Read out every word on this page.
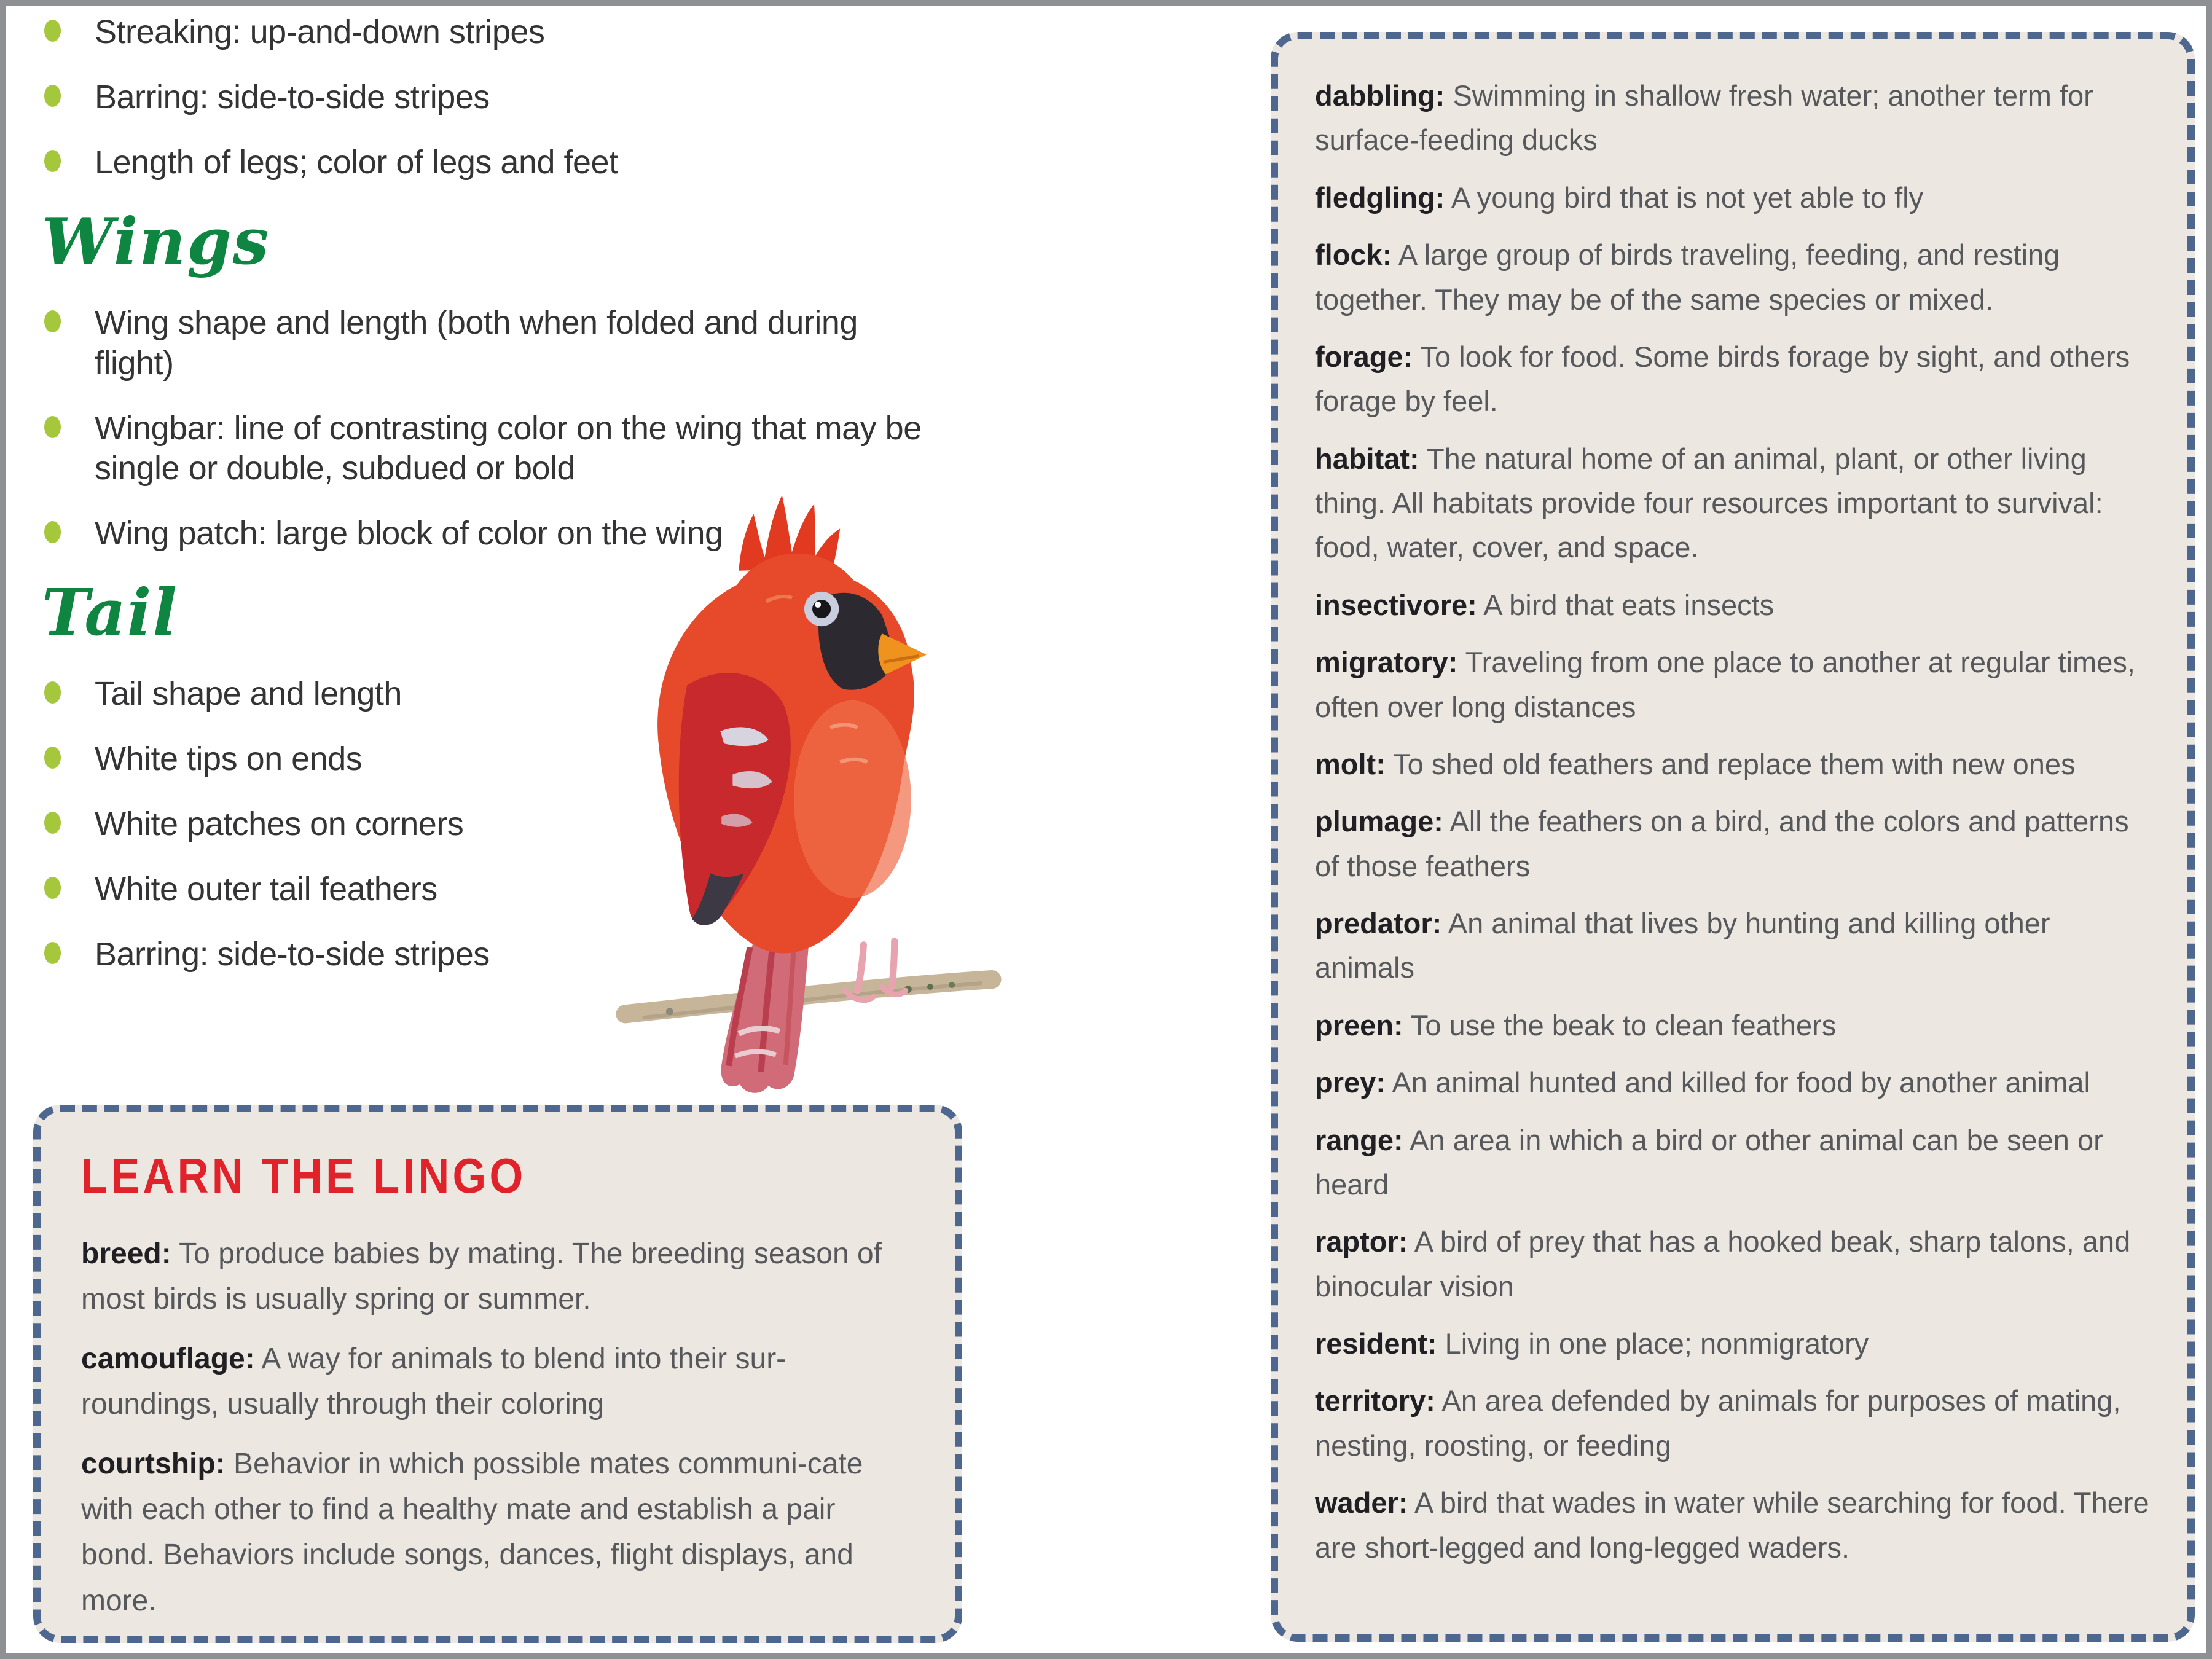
Streaking: up-and-down stripes
Barring: side-to-side stripes
Length of legs; color of legs and feet
Wings
Wing shape and length (both when folded and during flight)
Wingbar: line of contrasting color on the wing that may be single or double, subdued or bold
Wing patch: large block of color on the wing
Tail
Tail shape and length
White tips on ends
White patches on corners
White outer tail feathers
Barring: side-to-side stripes
LEARN THE LINGO

breed: To produce babies by mating. The breeding season of most birds is usually spring or summer.

camouflage: A way for animals to blend into their sur-roundings, usually through their coloring

courtship: Behavior in which possible mates communi-cate with each other to find a healthy mate and establish a pair bond. Behaviors include songs, dances, flight displays, and more.

dabbling: Swimming in shallow fresh water; another term for surface-feeding ducks

fledgling: A young bird that is not yet able to fly

flock: A large group of birds traveling, feeding, and resting together. They may be of the same species or mixed.

forage: To look for food. Some birds forage by sight, and others forage by feel.

habitat: The natural home of an animal, plant, or other living thing. All habitats provide four resources important to survival: food, water, cover, and space.

insectivore: A bird that eats insects

migratory: Traveling from one place to another at regular times, often over long distances

molt: To shed old feathers and replace them with new ones

plumage: All the feathers on a bird, and the colors and patterns of those feathers

predator: An animal that lives by hunting and killing other animals

preen: To use the beak to clean feathers

prey: An animal hunted and killed for food by another animal

range: An area in which a bird or other animal can be seen or heard

raptor: A bird of prey that has a hooked beak, sharp talons, and binocular vision

resident: Living in one place; nonmigratory

territory: An area defended by animals for purposes of mating, nesting, roosting, or feeding

wader: A bird that wades in water while searching for food. There are short-legged and long-legged waders.
